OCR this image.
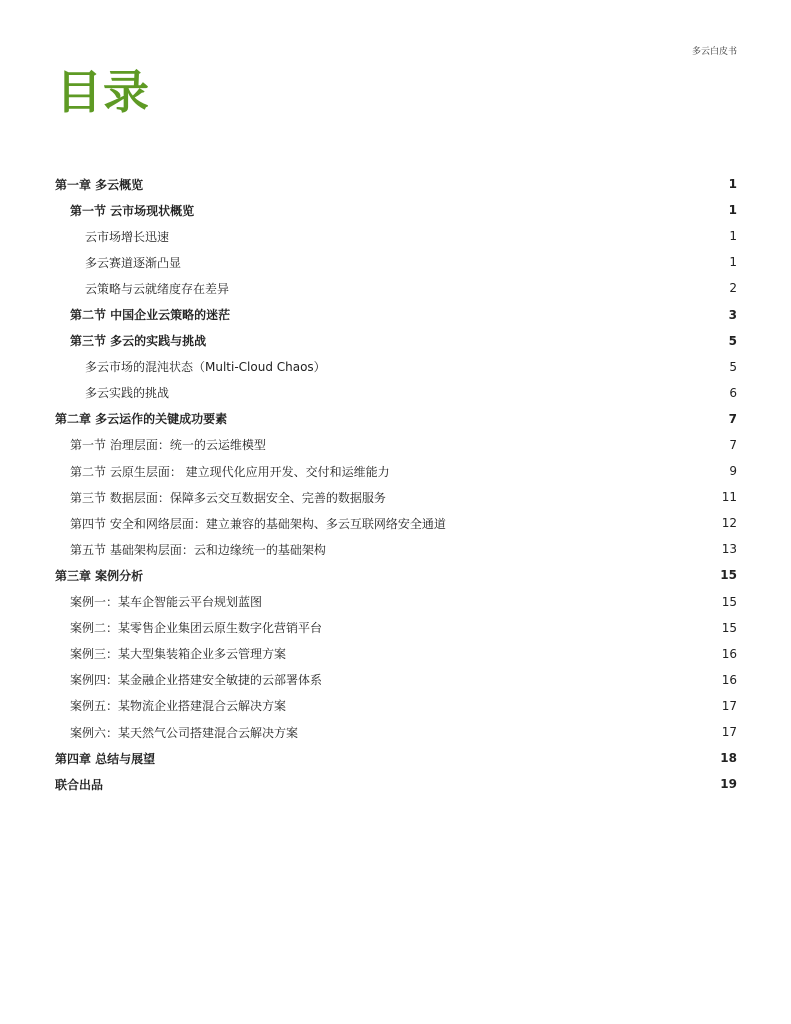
多云白皮书
目录
第一章 多云概览	1
第一节 云市场现状概览	1
云市场增长迅速	1
多云赛道逐渐凸显	1
云策略与云就绪度存在差异	2
第二节 中国企业云策略的迷茫	3
第三节 多云的实践与挑战	5
多云市场的混沌状态（Multi-Cloud Chaos）	5
多云实践的挑战	6
第二章 多云运作的关键成功要素	7
第一节 治理层面：统一的云运维模型	7
第二节 云原生层面： 建立现代化应用开发、交付和运维能力	9
第三节 数据层面：保障多云交互数据安全、完善的数据服务	11
第四节 安全和网络层面：建立兼容的基础架构、多云互联网络安全通道	12
第五节 基础架构层面：云和边缘统一的基础架构	13
第三章 案例分析	15
案例一：某车企智能云平台规划蓝图	15
案例二：某零售企业集团云原生数字化营销平台	15
案例三：某大型集装箱企业多云管理方案	16
案例四：某金融企业搭建安全敏捷的云部署体系	16
案例五：某物流企业搭建混合云解决方案	17
案例六：某天然气公司搭建混合云解决方案	17
第四章 总结与展望	18
联合出品	19
